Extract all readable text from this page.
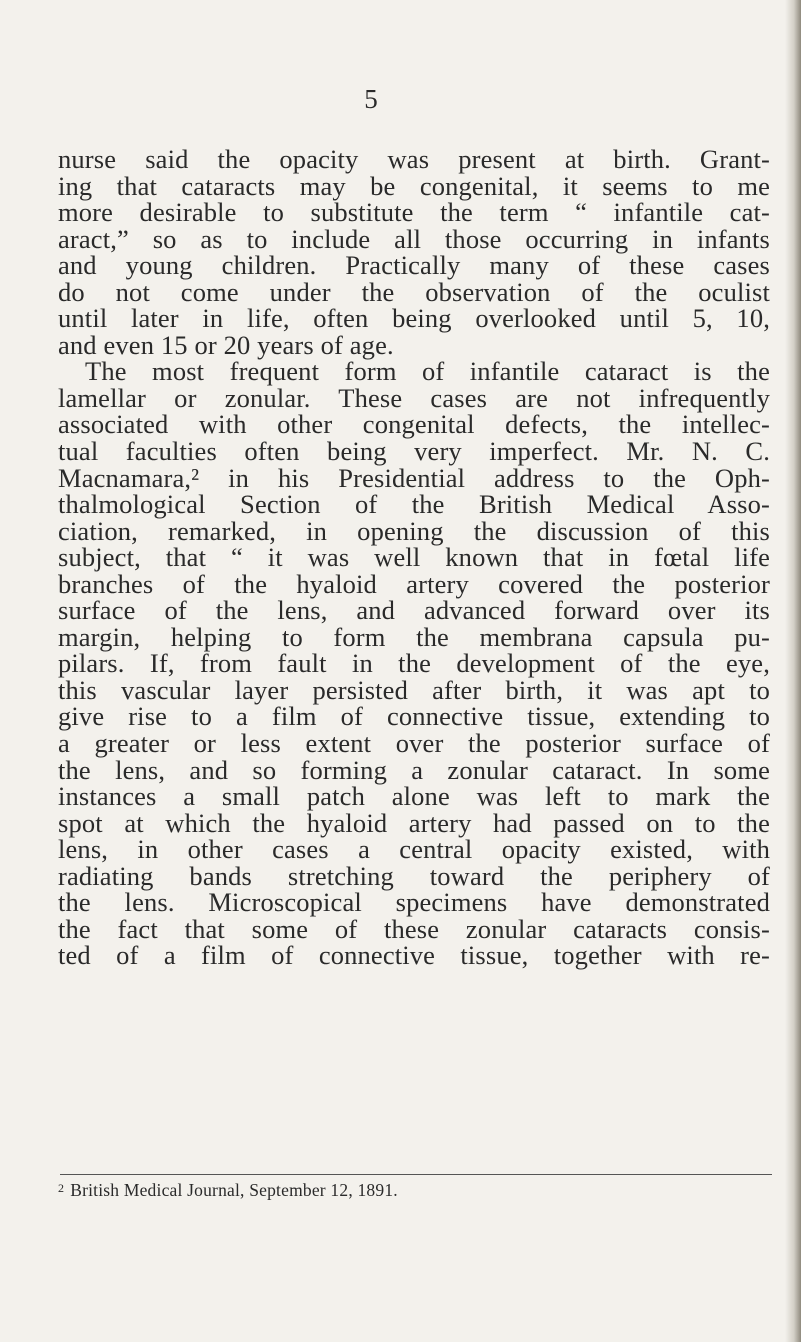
5
nurse said the opacity was present at birth. Grant-
ing that cataracts may be congenital, it seems to me
more desirable to substitute the term “ infantile cat-
aract,” so as to include all those occurring in infants
and young children. Practically many of these cases
do not come under the observation of the oculist
until later in life, often being overlooked until 5, 10,
and even 15 or 20 years of age.
The most frequent form of infantile cataract is the
lamellar or zonular. These cases are not infrequently
associated with other congenital defects, the intellec-
tual faculties often being very imperfect. Mr. N. C.
Macnamara,² in his Presidential address to the Oph-
thalmological Section of the British Medical Asso-
ciation, remarked, in opening the discussion of this
subject, that “ it was well known that in fœtal life
branches of the hyaloid artery covered the posterior
surface of the lens, and advanced forward over its
margin, helping to form the membrana capsula pu-
pilars. If, from fault in the development of the eye,
this vascular layer persisted after birth, it was apt to
give rise to a film of connective tissue, extending to
a greater or less extent over the posterior surface of
the lens, and so forming a zonular cataract. In some
instances a small patch alone was left to mark the
spot at which the hyaloid artery had passed on to the
lens, in other cases a central opacity existed, with
radiating bands stretching toward the periphery of
the lens. Microscopical specimens have demonstrated
the fact that some of these zonular cataracts consis-
ted of a film of connective tissue, together with re-
$^2$ British Medical Journal, September 12, 1891.
